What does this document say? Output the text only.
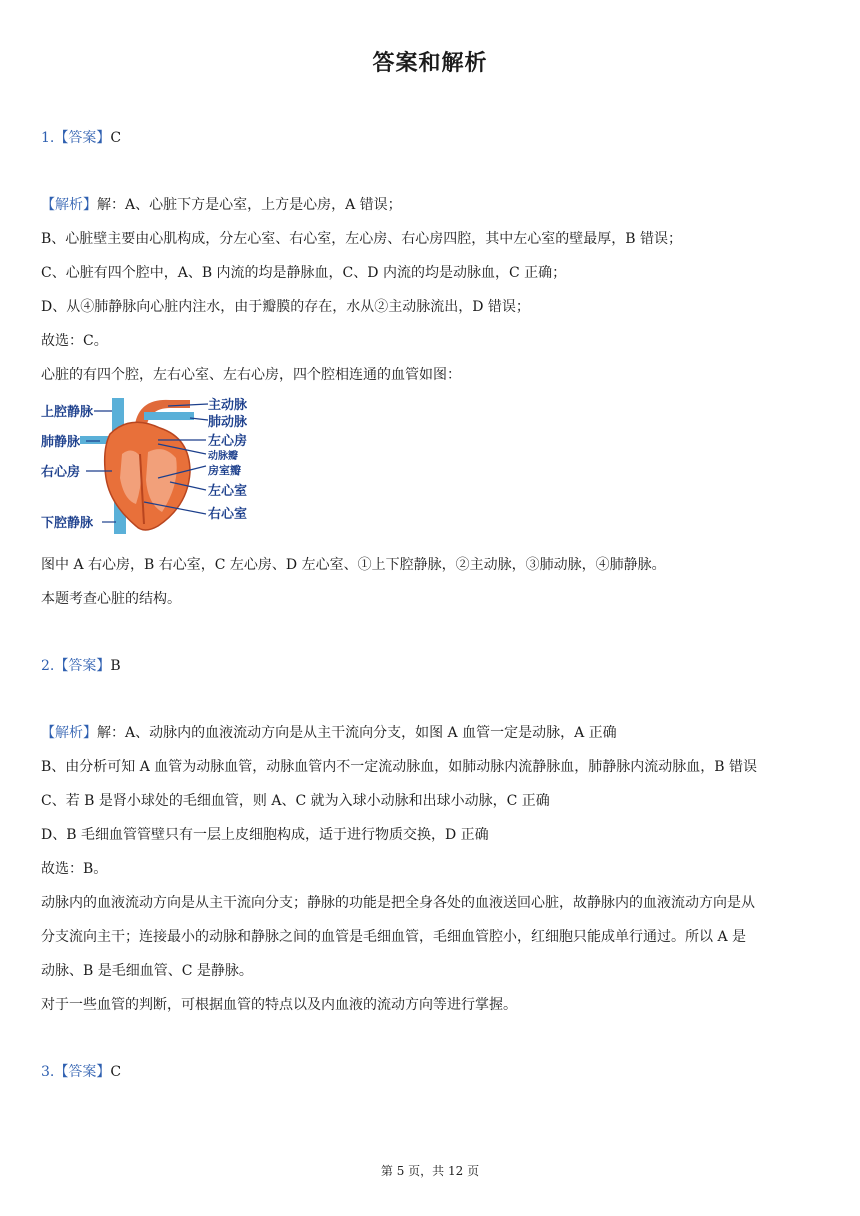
答案和解析
1.【答案】C
【解析】解：A、心脏下方是心室，上方是心房，A 错误；
B、心脏壁主要由心肌构成，分左心室、右心室，左心房、右心房四腔，其中左心室的壁最厚，B 错误；
C、心脏有四个腔中，A、B 内流的均是静脉血，C、D 内流的均是动脉血，C 正确；
D、从④肺静脉向心脏内注水，由于瓣膜的存在，水从②主动脉流出，D 错误；
故选：C。
心脏的有四个腔，左右心室、左右心房，四个腔相连通的血管如图：
上腔静脉
肺静脉
右心房
下腔静脉
主动脉
肺动脉
左心房
动脉瓣
房室瓣
左心室
右心室
图中 A 右心房，B 右心室，C 左心房、D 左心室、①上下腔静脉，②主动脉，③肺动脉，④肺静脉。
本题考查心脏的结构。
2.【答案】B
【解析】解：A、动脉内的血液流动方向是从主干流向分支，如图 A 血管一定是动脉，A 正确
B、由分析可知 A 血管为动脉血管，动脉血管内不一定流动脉血，如肺动脉内流静脉血，肺静脉内流动脉血，B 错误
C、若 B 是肾小球处的毛细血管，则 A、C 就为入球小动脉和出球小动脉，C 正确
D、B 毛细血管管壁只有一层上皮细胞构成，适于进行物质交换，D 正确
故选：B。
动脉内的血液流动方向是从主干流向分支；静脉的功能是把全身各处的血液送回心脏，故静脉内的血液流动方向是从
分支流向主干；连接最小的动脉和静脉之间的血管是毛细血管，毛细血管腔小，红细胞只能成单行通过。所以 A 是
动脉、B 是毛细血管、C 是静脉。
对于一些血管的判断，可根据血管的特点以及内血液的流动方向等进行掌握。
3.【答案】C
第 5 页，共 12 页
